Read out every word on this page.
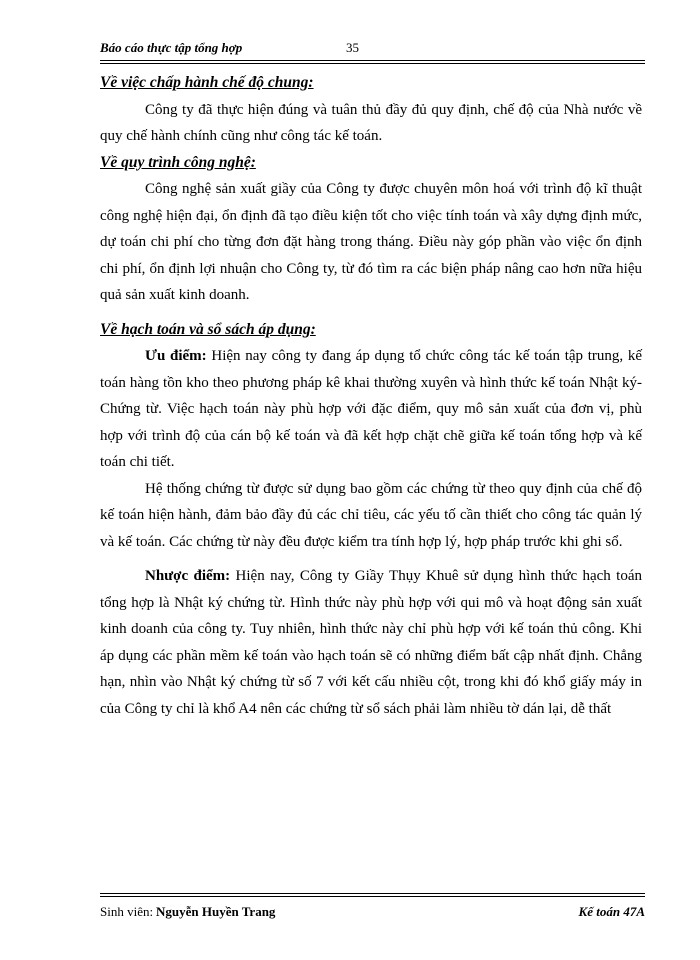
Báo cáo thực tập tổng hợp	35

Về việc chấp hành chế độ chung:

Công ty đã thực hiện đúng và tuân thủ đầy đủ quy định, chế độ của Nhà nước về quy chế hành chính cũng như công tác kế toán.

Về quy trình công nghệ:

Công nghệ sản xuất giầy của Công ty được chuyên môn hoá với trình độ kĩ thuật công nghệ hiện đại, ổn định đã tạo điều kiện tốt cho việc tính toán và xây dựng định mức, dự toán chi phí cho từng đơn đặt hàng trong tháng. Điều này góp phần vào việc ổn định chi phí, ổn định lợi nhuận cho Công ty, từ đó tìm ra các biện pháp nâng cao hơn nữa hiệu quả sản xuất kinh doanh.

Về hạch toán và sổ sách áp dụng:

Ưu điểm: Hiện nay công ty đang áp dụng tổ chức công tác kế toán tập trung, kế toán hàng tồn kho theo phương pháp kê khai thường xuyên và hình thức kế toán Nhật ký- Chứng từ. Việc hạch toán này phù hợp với đặc điểm, quy mô sản xuất của đơn vị, phù hợp với trình độ của cán bộ kế toán và đã kết hợp chặt chẽ giữa kế toán tổng hợp và kế toán chi tiết.

Hệ thống chứng từ được sử dụng bao gồm các chứng từ theo quy định của chế độ kế toán hiện hành, đảm bảo đầy đủ các chỉ tiêu, các yếu tố cần thiết cho công tác quản lý và kế toán. Các chứng từ này đều được kiểm tra tính hợp lý, hợp pháp trước khi ghi sổ.

Nhược điểm: Hiện nay, Công ty Giầy Thụy Khuê sử dụng hình thức hạch toán tổng hợp là Nhật ký chứng từ. Hình thức này phù hợp với qui mô và hoạt động sản xuất kinh doanh của công ty. Tuy nhiên, hình thức này chỉ phù hợp với kế toán thủ công. Khi áp dụng các phần mềm kế toán vào hạch toán sẽ có những điểm bất cập nhất định. Chẳng hạn, nhìn vào Nhật ký chứng từ số 7 với kết cấu nhiều cột, trong khi đó khổ giấy máy in của Công ty chỉ là khổ A4 nên các chứng từ sổ sách phải làm nhiều tờ dán lại, dễ thất

Sinh viên: Nguyễn Huyền Trang	Kế toán 47A
